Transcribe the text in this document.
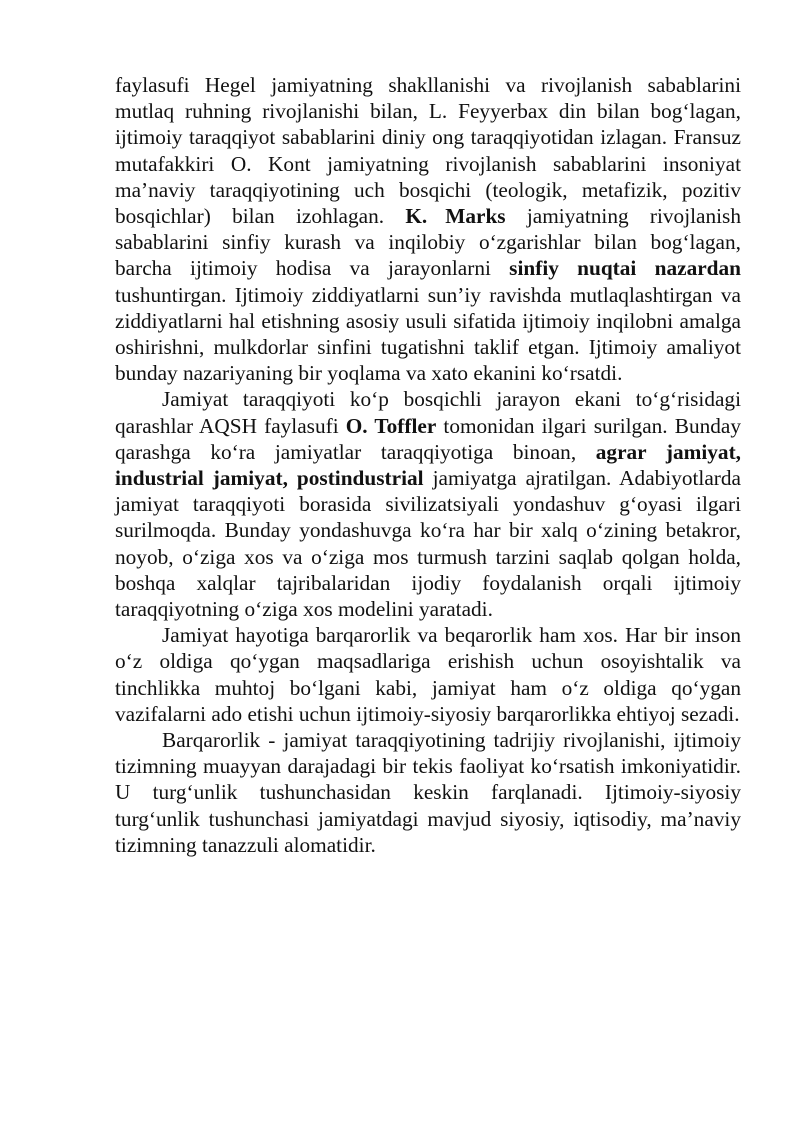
faylasufi Hegel jamiyatning shakllanishi va rivojlanish sabablarini mutlaq ruhning rivojlanishi bilan, L. Feyyerbax din bilan bog‘lagan, ijtimoiy taraqqiyot sabablarini diniy ong taraqqiyotidan izlagan. Fransuz mutafakkiri O. Kont jamiyatning rivojlanish sabablarini insoniyat ma’naviy taraqqiyotining uch bosqichi (teologik, metafizik, pozitiv bosqichlar) bilan izohlagan. K. Marks jamiyatning rivojlanish sabablarini sinfiy kurash va inqilobiy o‘zgarishlar bilan bog‘lagan, barcha ijtimoiy hodisa va jarayonlarni sinfiy nuqtai nazardan tushuntirgan. Ijtimoiy ziddiyatlarni sun’iy ravishda mutlaqlashtirgan va ziddiyatlarni hal etishning asosiy usuli sifatida ijtimoiy inqilobni amalga oshirishni, mulkdorlar sinfini tugatishni taklif etgan. Ijtimoiy amaliyot bunday nazariyaning bir yoqlama va xato ekanini ko‘rsatdi.

Jamiyat taraqqiyoti ko‘p bosqichli jarayon ekani to‘g‘risidagi qarashlar AQSH faylasufi O. Toffler tomonidan ilgari surilgan. Bunday qarashga ko‘ra jamiyatlar taraqqiyotiga binoan, agrar jamiyat, industrial jamiyat, postindustrial jamiyatga ajratilgan. Adabiyotlarda jamiyat taraqqiyoti borasida sivilizatsiyali yondashuv g‘oyasi ilgari surilmoqda. Bunday yondashuvga ko‘ra har bir xalq o‘zining betakror, noyob, o‘ziga xos va o‘ziga mos turmush tarzini saqlab qolgan holda, boshqa xalqlar tajribalaridan ijodiy foydalanish orqali ijtimoiy taraqqiyotning o‘ziga xos modelini yaratadi.

Jamiyat hayotiga barqarorlik va beqarorlik ham xos. Har bir inson o‘z oldiga qo‘ygan maqsadlariga erishish uchun osoyishtalik va tinchlikka muhtoj bo‘lgani kabi, jamiyat ham o‘z oldiga qo‘ygan vazifalarni ado etishi uchun ijtimoiy-siyosiy barqarorlikka ehtiyoj sezadi.

Barqarorlik - jamiyat taraqqiyotining tadrijiy rivojlanishi, ijtimoiy tizimning muayyan darajadagi bir tekis faoliyat ko‘rsatish imkoniyatidir. U turg‘unlik tushunchasidan keskin farqlanadi. Ijtimoiy-siyosiy turg‘unlik tushunchasi jamiyatdagi mavjud siyosiy, iqtisodiy, ma’naviy tizimning tanazzuli alomatidir.
